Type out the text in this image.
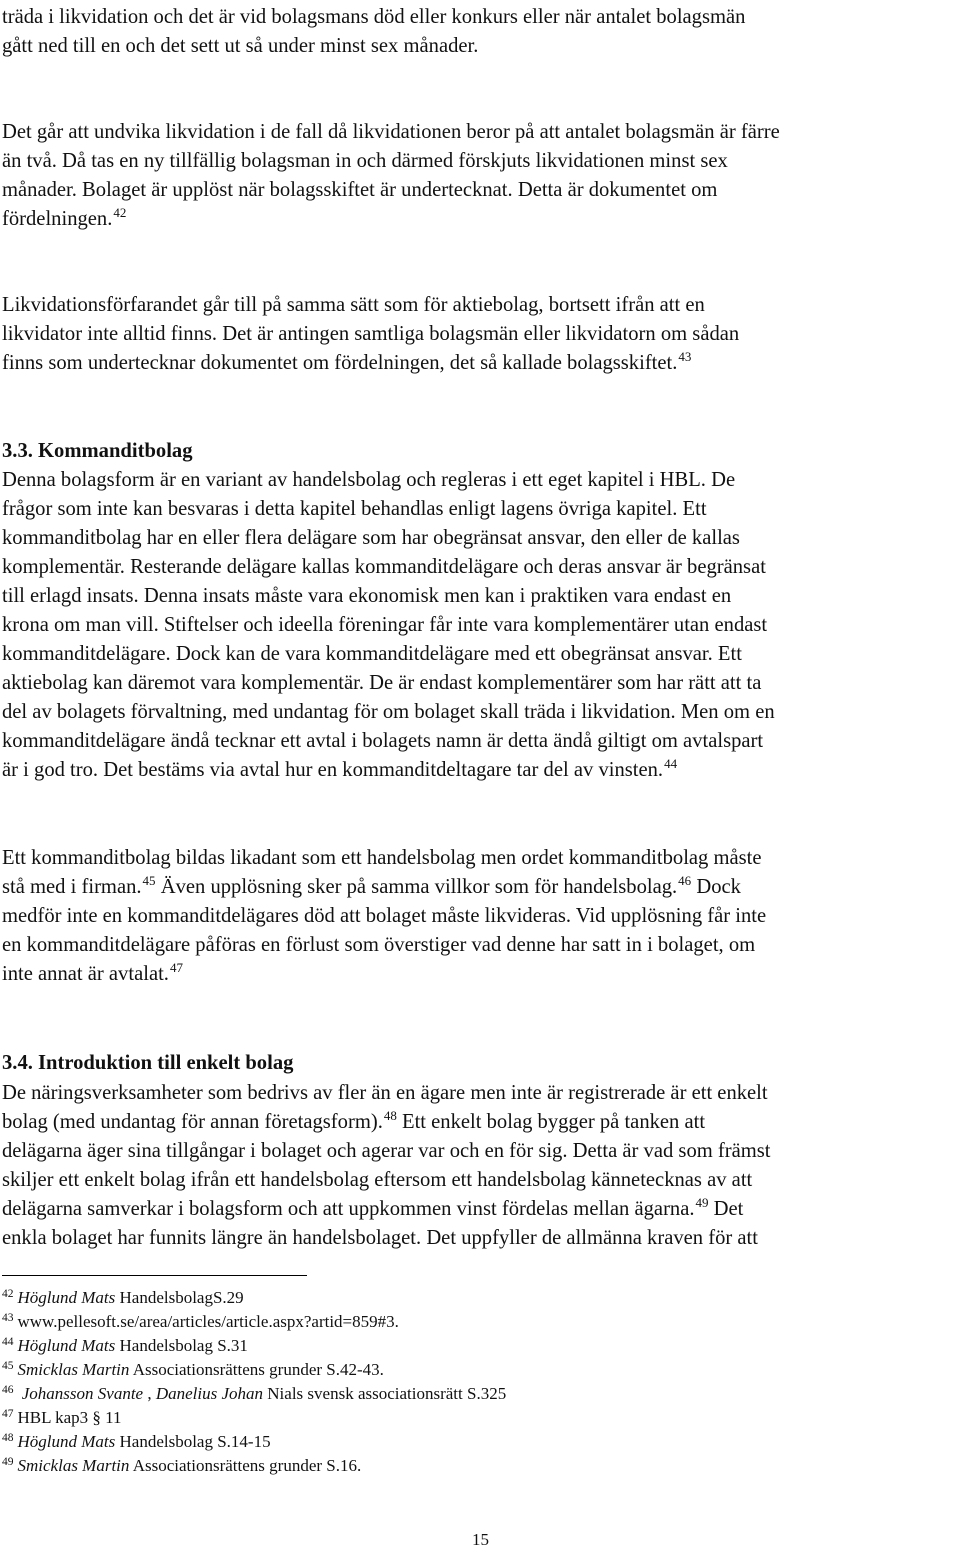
träda i likvidation och det är vid bolagsmans död eller konkurs eller när antalet bolagsmän
gått ned till en och det sett ut så under minst sex månader.
Det går att undvika likvidation i de fall då likvidationen beror på att antalet bolagsmän är färre
än två. Då tas en ny tillfällig bolagsman in och därmed förskjuts likvidationen minst sex
månader. Bolaget är upplöst när bolagsskiftet är undertecknat. Detta är dokumentet om
fördelningen.$^{42}$
Likvidationsförfarandet går till på samma sätt som för aktiebolag, bortsett ifrån att en
likvidator inte alltid finns. Det är antingen samtliga bolagsmän eller likvidatorn om sådan
finns som undertecknar dokumentet om fördelningen, det så kallade bolagsskiftet.$^{43}$
3.3. Kommanditbolag
Denna bolagsform är en variant av handelsbolag och regleras i ett eget kapitel i HBL. De
frågor som inte kan besvaras i detta kapitel behandlas enligt lagens övriga kapitel. Ett
kommanditbolag har en eller flera delägare som har obegränsat ansvar, den eller de kallas
komplementär. Resterande delägare kallas kommanditdelägare och deras ansvar är begränsat
till erlagd insats. Denna insats måste vara ekonomisk men kan i praktiken vara endast en
krona om man vill. Stiftelser och ideella föreningar får inte vara komplementärer utan endast
kommanditdelägare. Dock kan de vara kommanditdelägare med ett obegränsat ansvar. Ett
aktiebolag kan däremot vara komplementär. De är endast komplementärer som har rätt att ta
del av bolagets förvaltning, med undantag för om bolaget skall träda i likvidation. Men om en
kommanditdelägare ändå tecknar ett avtal i bolagets namn är detta ändå giltigt om avtalspart
är i god tro. Det bestäms via avtal hur en kommanditdeltagare tar del av vinsten.$^{44}$
Ett kommanditbolag bildas likadant som ett handelsbolag men ordet kommanditbolag måste
stå med i firman.$^{45}$ Även upplösning sker på samma villkor som för handelsbolag.$^{46}$ Dock
medför inte en kommanditdelägares död att bolaget måste likvideras. Vid upplösning får inte
en kommanditdelägare påföras en förlust som överstiger vad denne har satt in i bolaget, om
inte annat är avtalat.$^{47}$
3.4. Introduktion till enkelt bolag
De näringsverksamheter som bedrivs av fler än en ägare men inte är registrerade är ett enkelt
bolag (med undantag för annan företagsform).$^{48}$ Ett enkelt bolag bygger på tanken att
delägarna äger sina tillgångar i bolaget och agerar var och en för sig. Detta är vad som främst
skiljer ett enkelt bolag ifrån ett handelsbolag eftersom ett handelsbolag kännetecknas av att
delägarna samverkar i bolagsform och att uppkommen vinst fördelas mellan ägarna.$^{49}$ Det
enkla bolaget har funnits längre än handelsbolaget. Det uppfyller de allmänna kraven för att
$^{42}$ Höglund Mats HandelsbolagS.29
$^{43}$ www.pellesoft.se/area/articles/article.aspx?artid=859#3.
$^{44}$ Höglund Mats Handelsbolag S.31
$^{45}$ Smicklas Martin Associationsrättens grunder S.42-43.
$^{46}$ Johansson Svante , Danelius Johan Nials svensk associationsrätt S.325
$^{47}$ HBL kap3 § 11
$^{48}$ Höglund Mats Handelsbolag S.14-15
$^{49}$ Smicklas Martin Associationsrättens grunder S.16.
15
